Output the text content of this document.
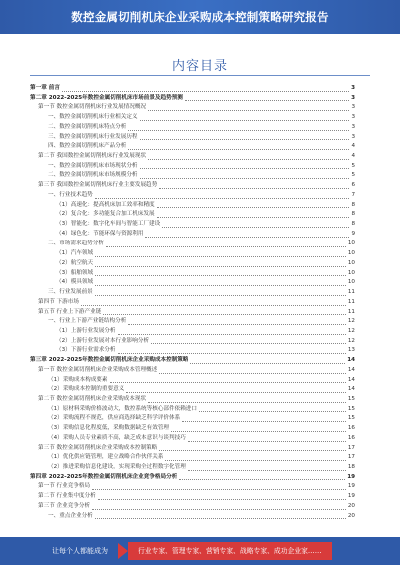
数控金属切削机床企业采购成本控制策略研究报告
内容目录
第一章 前言	3
第二章 2022-2025年数控金属切削机床市场前景及趋势预测	3
第一节 数控金属切削机床行业发展情况概况	3
一、数控金属切削机床行业相关定义	3
二、数控金属切削机床特点分析	3
三、数控金属切削机床行业发展历程	3
四、数控金属切削机床产品分析	4
第二节 我国数控金属切削机床行业发展现状	4
一、数控金属切削机床市场现状分析	5
二、数控金属切削机床市场规模分析	5
第三节 我国数控金属切削机床行业主要发展趋势	6
一、行业技术趋势	7
（1）高速化：提高机床加工效率和精度	8
（2）复合化：多功能复合加工机床发展	8
（3）智能化：数字化车间与智能工厂建设	8
（4）绿色化：节能环保与资源利用	9
二、市场需求趋势分析	10
（1）汽车领域	10
（2）航空航天	10
（3）船舶领域	10
（4）模具领域	10
三、行业发展前景	11
第四节 下游市场	11
第五节 行业上下游产业链	11
一、行业上下游产业链结构分析	12
（1）上游行业发展分析	12
（2）上游行业发展对本行业影响分析	12
（3）下游行业需求分析	13
第三章 2022-2025年数控金属切削机床企业采购成本控制策略	14
第一节 数控金属切削机床企业采购成本管理概述	14
（1）采购成本构成要素	14
（2）采购成本控制的重要意义	14
第二节 数控金属切削机床企业采购成本现状	15
（1）原材料采购价格波动大，数控系统等核心部件依赖进口	15
（2）采购流程不规范，供应商选择缺乏科学评价体系	15
（3）采购信息化程度低，采购数据缺乏有效管理	16
（4）采购人员专业素质不高，缺乏成本意识与谈判技巧	16
第三节 数控金属切削机床企业采购成本控制策略	17
（1）优化供应链管理，建立战略合作伙伴关系	17
（2）推进采购信息化建设，实现采购全过程数字化管理	18
第四章 2022-2025年数控金属切削机床企业竞争格局分析	19
第一节 行业竞争格局	19
第二节 行业集中度分析	19
第三节 企业竞争分析	20
一、重点企业分析	20
让每个人都能成为	行业专家、管理专家、营销专家、战略专家、成功企业家……
